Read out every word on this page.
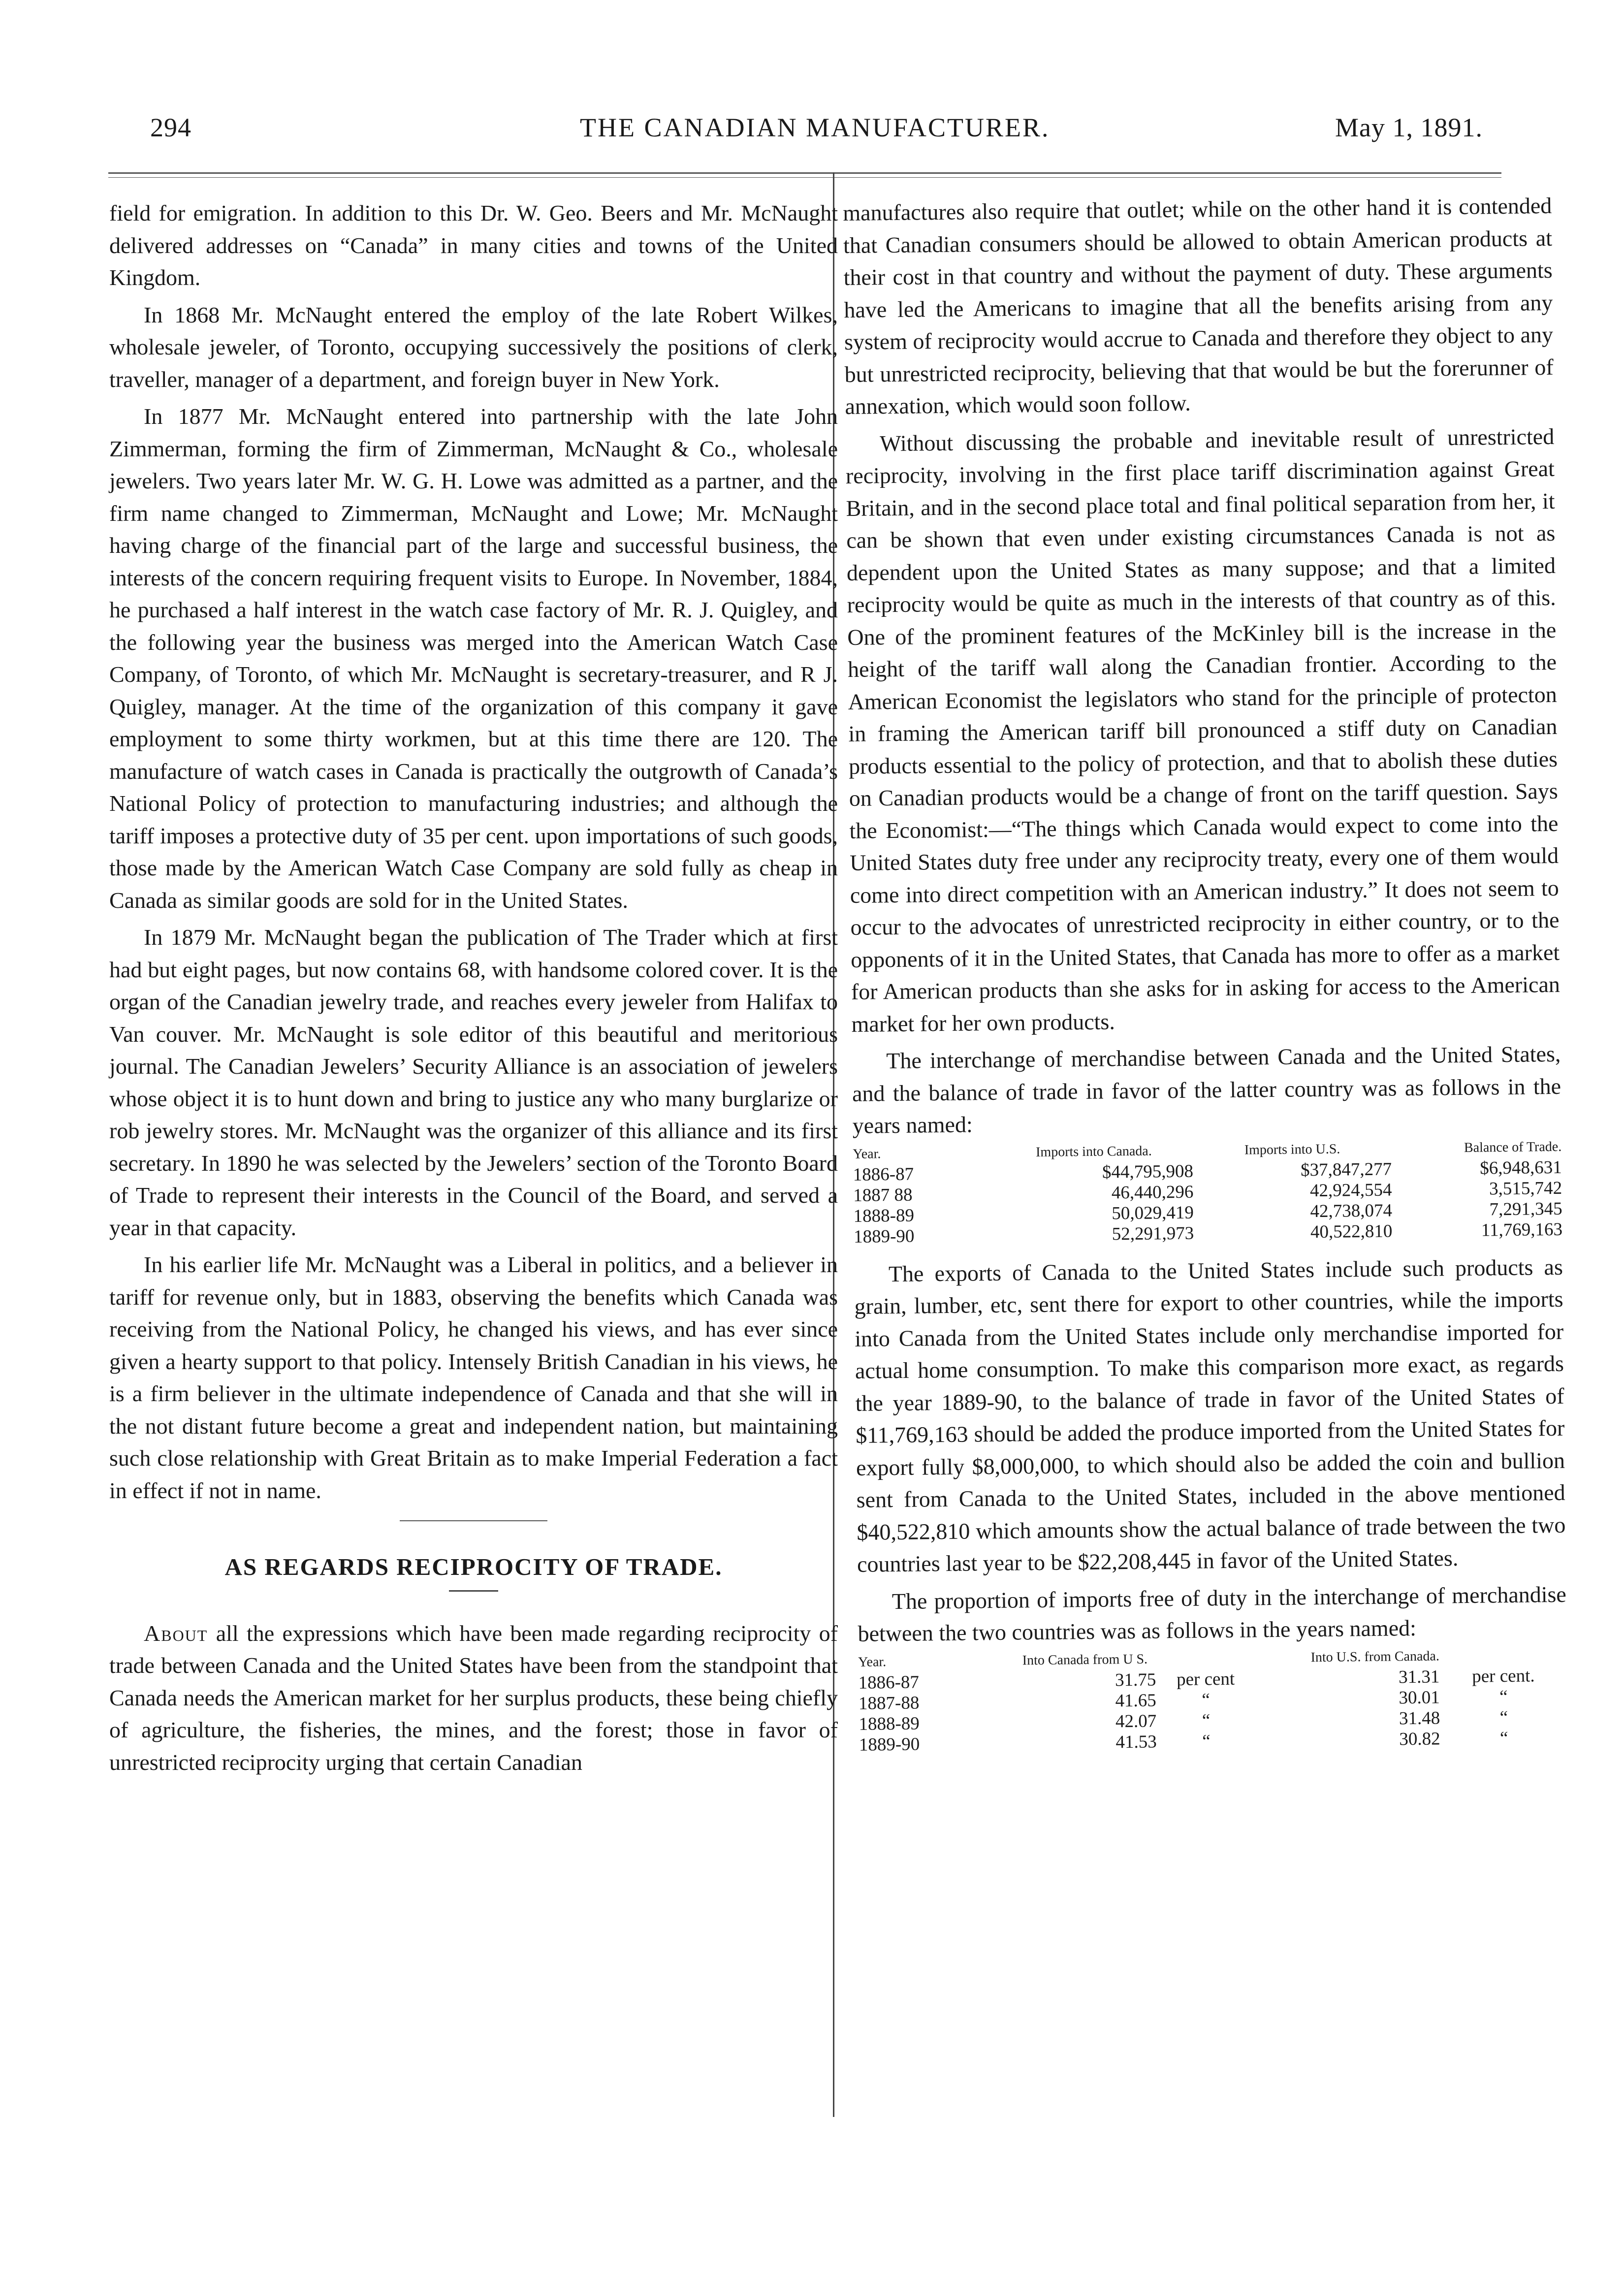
294	THE CANADIAN MANUFACTURER.	May 1, 1891.

field for emigration. In addition to this Dr. W. Geo. Beers and Mr. McNaught delivered addresses on “Canada” in many cities and towns of the United Kingdom.

In 1868 Mr. McNaught entered the employ of the late Robert Wilkes, wholesale jeweler, of Toronto, occupying successively the positions of clerk, traveller, manager of a department, and foreign buyer in New York.

In 1877 Mr. McNaught entered into partnership with the late John Zimmerman, forming the firm of Zimmerman, McNaught & Co., wholesale jewelers. Two years later Mr. W. G. H. Lowe was admitted as a partner, and the firm name changed to Zimmerman, McNaught and Lowe; Mr. McNaught having charge of the financial part of the large and successful business, the interests of the concern requiring frequent visits to Europe. In November, 1884, he purchased a half interest in the watch case factory of Mr. R. J. Quigley, and the following year the business was merged into the American Watch Case Company, of Toronto, of which Mr. McNaught is secretary-treasurer, and R J. Quigley, manager. At the time of the organization of this company it gave employment to some thirty workmen, but at this time there are 120. The manufacture of watch cases in Canada is practically the outgrowth of Canada’s National Policy of protection to manufacturing industries; and although the tariff imposes a protective duty of 35 per cent. upon importations of such goods, those made by the American Watch Case Company are sold fully as cheap in Canada as similar goods are sold for in the United States.

In 1879 Mr. McNaught began the publication of The Trader which at first had but eight pages, but now contains 68, with handsome colored cover. It is the organ of the Canadian jewelry trade, and reaches every jeweler from Halifax to Van couver. Mr. McNaught is sole editor of this beautiful and meritorious journal. The Canadian Jewelers’ Security Alliance is an association of jewelers whose object it is to hunt down and bring to justice any who many burglarize or rob jewelry stores. Mr. McNaught was the organizer of this alliance and its first secretary. In 1890 he was selected by the Jewelers’ section of the Toronto Board of Trade to represent their interests in the Council of the Board, and served a year in that capacity.

In his earlier life Mr. McNaught was a Liberal in politics, and a believer in tariff for revenue only, but in 1883, observing the benefits which Canada was receiving from the National Policy, he changed his views, and has ever since given a hearty support to that policy. Intensely British Canadian in his views, he is a firm believer in the ultimate independence of Canada and that she will in the not distant future become a great and independent nation, but maintaining such close relationship with Great Britain as to make Imperial Federation a fact in effect if not in name.

AS REGARDS RECIPROCITY OF TRADE.

About all the expressions which have been made regarding reciprocity of trade between Canada and the United States have been from the standpoint that Canada needs the American market for her surplus products, these being chiefly of agriculture, the fisheries, the mines, and the forest; those in favor of unrestricted reciprocity urging that certain Canadian

manufactures also require that outlet; while on the other hand it is contended that Canadian consumers should be allowed to obtain American products at their cost in that country and without the payment of duty. These arguments have led the Americans to imagine that all the benefits arising from any system of reciprocity would accrue to Canada and therefore they object to any but unrestricted reciprocity, believing that that would be but the forerunner of annexation, which would soon follow.

Without discussing the probable and inevitable result of unrestricted reciprocity, involving in the first place tariff discrimination against Great Britain, and in the second place total and final political separation from her, it can be shown that even under existing circumstances Canada is not as dependent upon the United States as many suppose; and that a limited reciprocity would be quite as much in the interests of that country as of this. One of the prominent features of the McKinley bill is the increase in the height of the tariff wall along the Canadian frontier. According to the American Economist the legislators who stand for the principle of protecton in framing the American tariff bill pronounced a stiff duty on Canadian products essential to the policy of protection, and that to abolish these duties on Canadian products would be a change of front on the tariff question. Says the Economist:—“The things which Canada would expect to come into the United States duty free under any reciprocity treaty, every one of them would come into direct competition with an American industry.” It does not seem to occur to the advocates of unrestricted reciprocity in either country, or to the opponents of it in the United States, that Canada has more to offer as a market for American products than she asks for in asking for access to the American market for her own products.

The interchange of merchandise between Canada and the United States, and the balance of trade in favor of the latter country was as follows in the years named:

Year.	Imports into Canada.	Imports into U.S.	Balance of Trade.
1886-87	$44,795,908	$37,847,277	$6,948,631
1887 88	46,440,296	42,924,554	3,515,742
1888-89	50,029,419	42,738,074	7,291,345
1889-90	52,291,973	40,522,810	11,769,163

The exports of Canada to the United States include such products as grain, lumber, etc, sent there for export to other countries, while the imports into Canada from the United States include only merchandise imported for actual home consumption. To make this comparison more exact, as regards the year 1889-90, to the balance of trade in favor of the United States of $11,769,163 should be added the produce imported from the United States for export fully $8,000,000, to which should also be added the coin and bullion sent from Canada to the United States, included in the above mentioned $40,522,810 which amounts show the actual balance of trade between the two countries last year to be $22,208,445 in favor of the United States.

The proportion of imports free of duty in the interchange of merchandise between the two countries was as follows in the years named:

Year.	Into Canada from U S.		Into U.S. from Canada.	
1886-87	31.75	per cent	31.31	per cent.
1887-88	41.65	“	30.01	“
1888-89	42.07	“	31.48	“
1889-90	41.53	“	30.82	“
